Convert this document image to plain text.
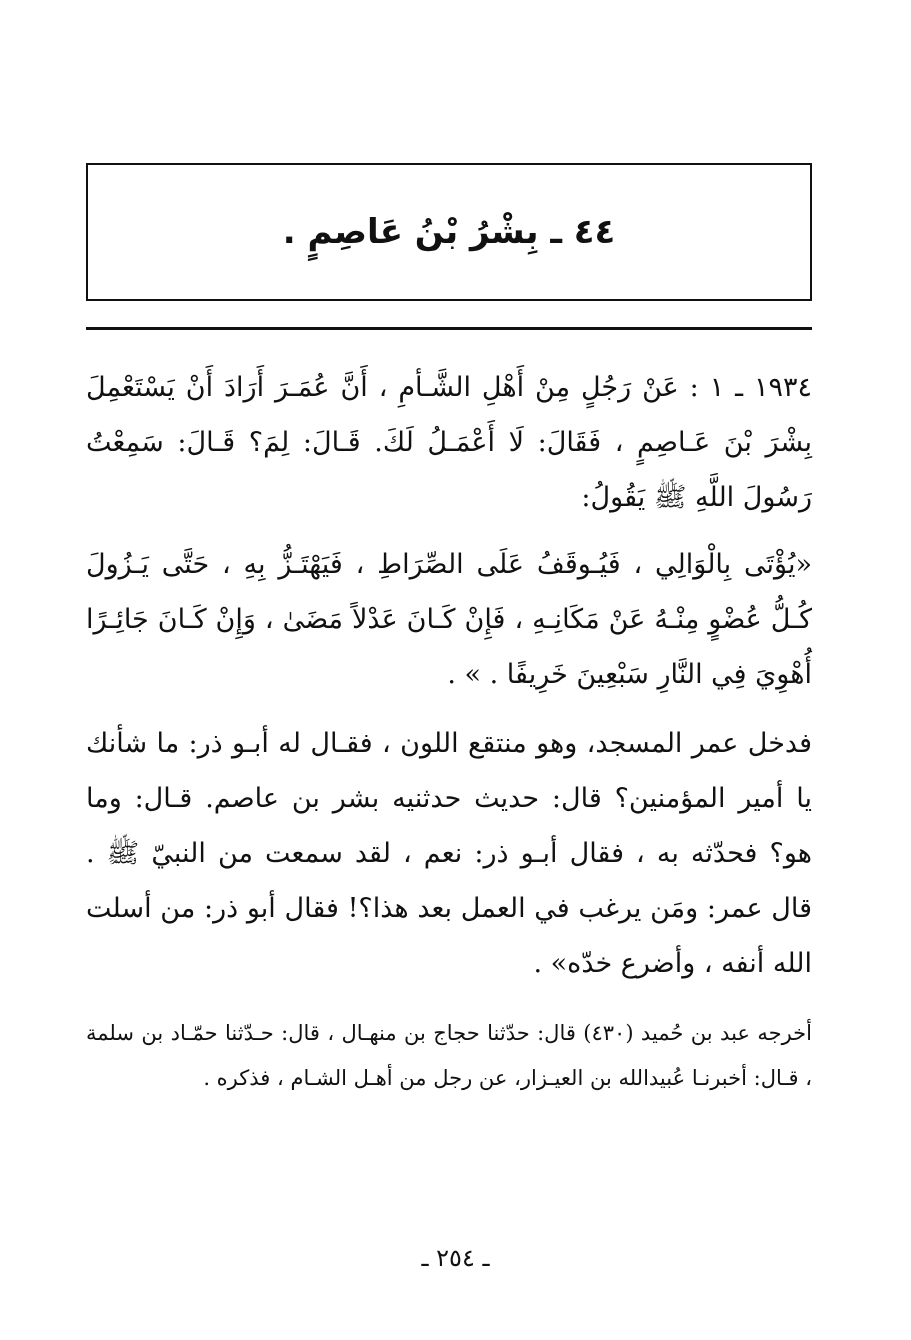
٤٤ ـ بِشْرُ بْنُ عَاصِمٍ .

١٩٣٤ ـ ١ : عَنْ رَجُلٍ مِنْ أَهْلِ الشَّـأمِ ، أَنَّ عُمَـرَ أَرَادَ أَنْ يَسْتَعْمِلَ بِشْرَ بْنَ عَـاصِمٍ ، فَقَالَ: لَا أَعْمَـلُ لَكَ. قَـالَ: لِمَ؟ قَـالَ: سَمِعْتُ رَسُولَ اللَّهِ ﷺ يَقُولُ:

«يُؤْتَى بِالْوَالِي ، فَيُـوقَفُ عَلَى الصِّرَاطِ ، فَيَهْتَـزُّ بِهِ ، حَتَّى يَـزُولَ كُـلُّ عُضْوٍ مِنْـهُ عَنْ مَكَانِـهِ ، فَإِنْ كَـانَ عَدْلاً مَضَىٰ ، وَإِنْ كَـانَ جَائِـرًا أُهْوِيَ فِي النَّارِ سَبْعِينَ خَرِيفًا . » .

فدخل عمر المسجد، وهو منتقع اللون ، فقـال له أبـو ذر: ما شأنك يا أمير المؤمنين؟ قال: حديث حدثنيه بشر بن عاصم. قـال: وما هو؟ فحدّثه به ، فقال أبـو ذر: نعم ، لقد سمعت من النبيّ ﷺ . قال عمر: ومَن يرغب في العمل بعد هذا؟! فقال أبو ذر: من أسلت الله أنفه ، وأضرع خدّه» .

أخرجه عبد بن حُميد (٤٣٠) قال: حدّثنا حجاج بن منهـال ، قال: حـدّثنا حمّـاد بن سلمة ، قـال: أخبرنـا عُبيدالله بن العيـزار، عن رجل من أهـل الشـام ، فذكره .

ـ ٢٥٤ ـ
